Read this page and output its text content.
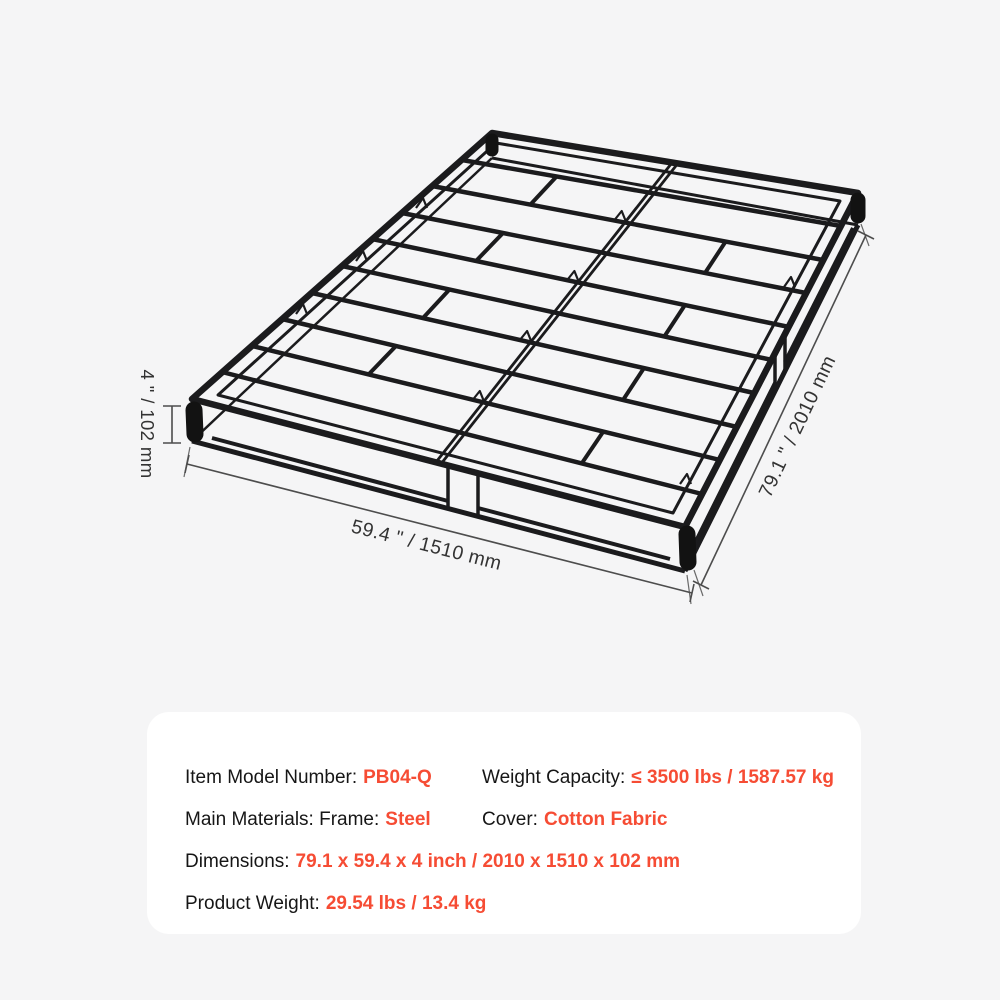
4 " / 102 mm
59.4 " / 1510 mm
79.1 " / 2010 mm

Item Model Number: PB04-Q	Weight Capacity: ≤ 3500 lbs / 1587.57 kg

Main Materials: Frame: Steel	Cover: Cotton Fabric

Dimensions: 79.1 x 59.4 x 4 inch / 2010 x 1510 x 102 mm

Product Weight: 29.54 lbs / 13.4 kg
